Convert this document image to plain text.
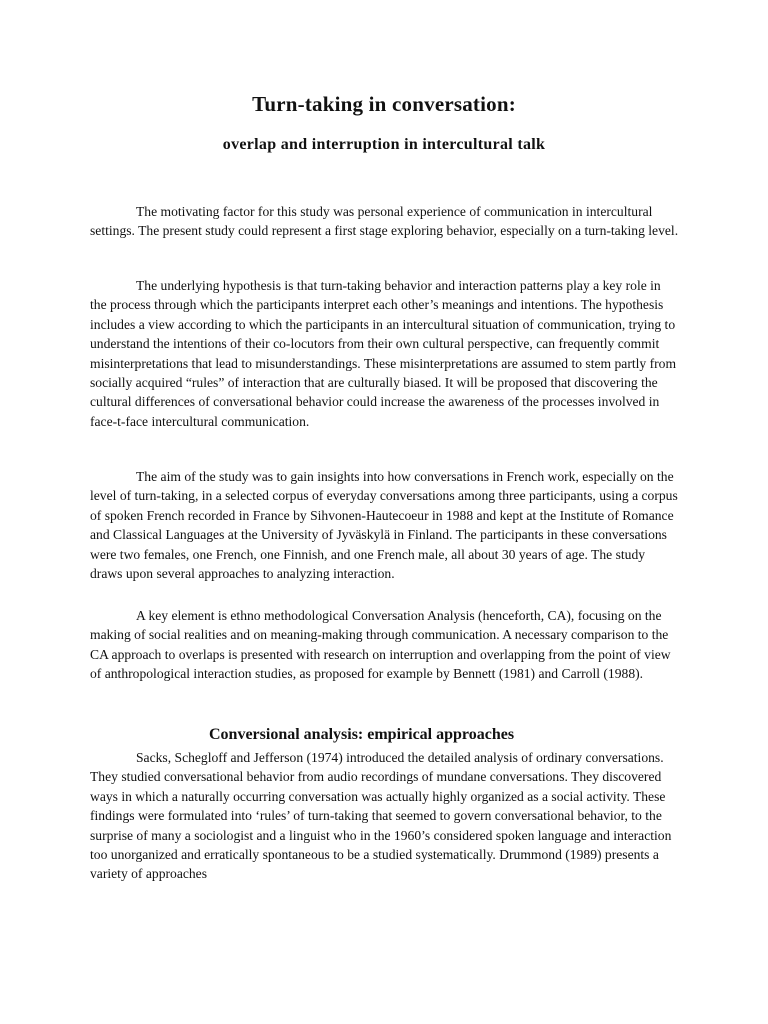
Turn-taking in conversation:
overlap and interruption in intercultural talk

The motivating factor for this study was personal experience of communication in intercultural settings. The present study could represent a first stage exploring behavior, especially on a turn-taking level.

The underlying hypothesis is that turn-taking behavior and interaction patterns play a key role in the process through which the participants interpret each other’s meanings and intentions. The hypothesis includes a view according to which the participants in an intercultural situation of communication, trying to understand the intentions of their co-locutors from their own cultural perspective, can frequently commit misinterpretations that lead to misunderstandings. These misinterpretations are assumed to stem partly from socially acquired “rules” of interaction that are culturally biased. It will be proposed that discovering the cultural differences of conversational behavior could increase the awareness of the processes involved in face-t-face intercultural communication.

The aim of the study was to gain insights into how conversations in French work, especially on the level of turn-taking, in a selected corpus of everyday conversations among three participants, using a corpus of spoken French recorded in France by Sihvonen-Hautecoeur in 1988 and kept at the Institute of Romance and Classical Languages at the University of Jyväskylä in Finland. The participants in these conversations were two females, one French, one Finnish, and one French male, all about 30 years of age. The study draws upon several approaches to analyzing interaction.

A key element is ethno methodological Conversation Analysis (henceforth, CA), focusing on the making of social realities and on meaning-making through communication. A necessary comparison to the CA approach to overlaps is presented with research on interruption and overlapping from the point of view of anthropological interaction studies, as proposed for example by Bennett (1981) and Carroll (1988).

Conversional analysis: empirical approaches

Sacks, Schegloff and Jefferson (1974) introduced the detailed analysis of ordinary conversations. They studied conversational behavior from audio recordings of mundane conversations. They discovered ways in which a naturally occurring conversation was actually highly organized as a social activity. These findings were formulated into ‘rules’ of turn-taking that seemed to govern conversational behavior, to the surprise of many a sociologist and a linguist who in the 1960’s considered spoken language and interaction too unorganized and erratically spontaneous to be a studied systematically. Drummond (1989) presents a variety of approaches
